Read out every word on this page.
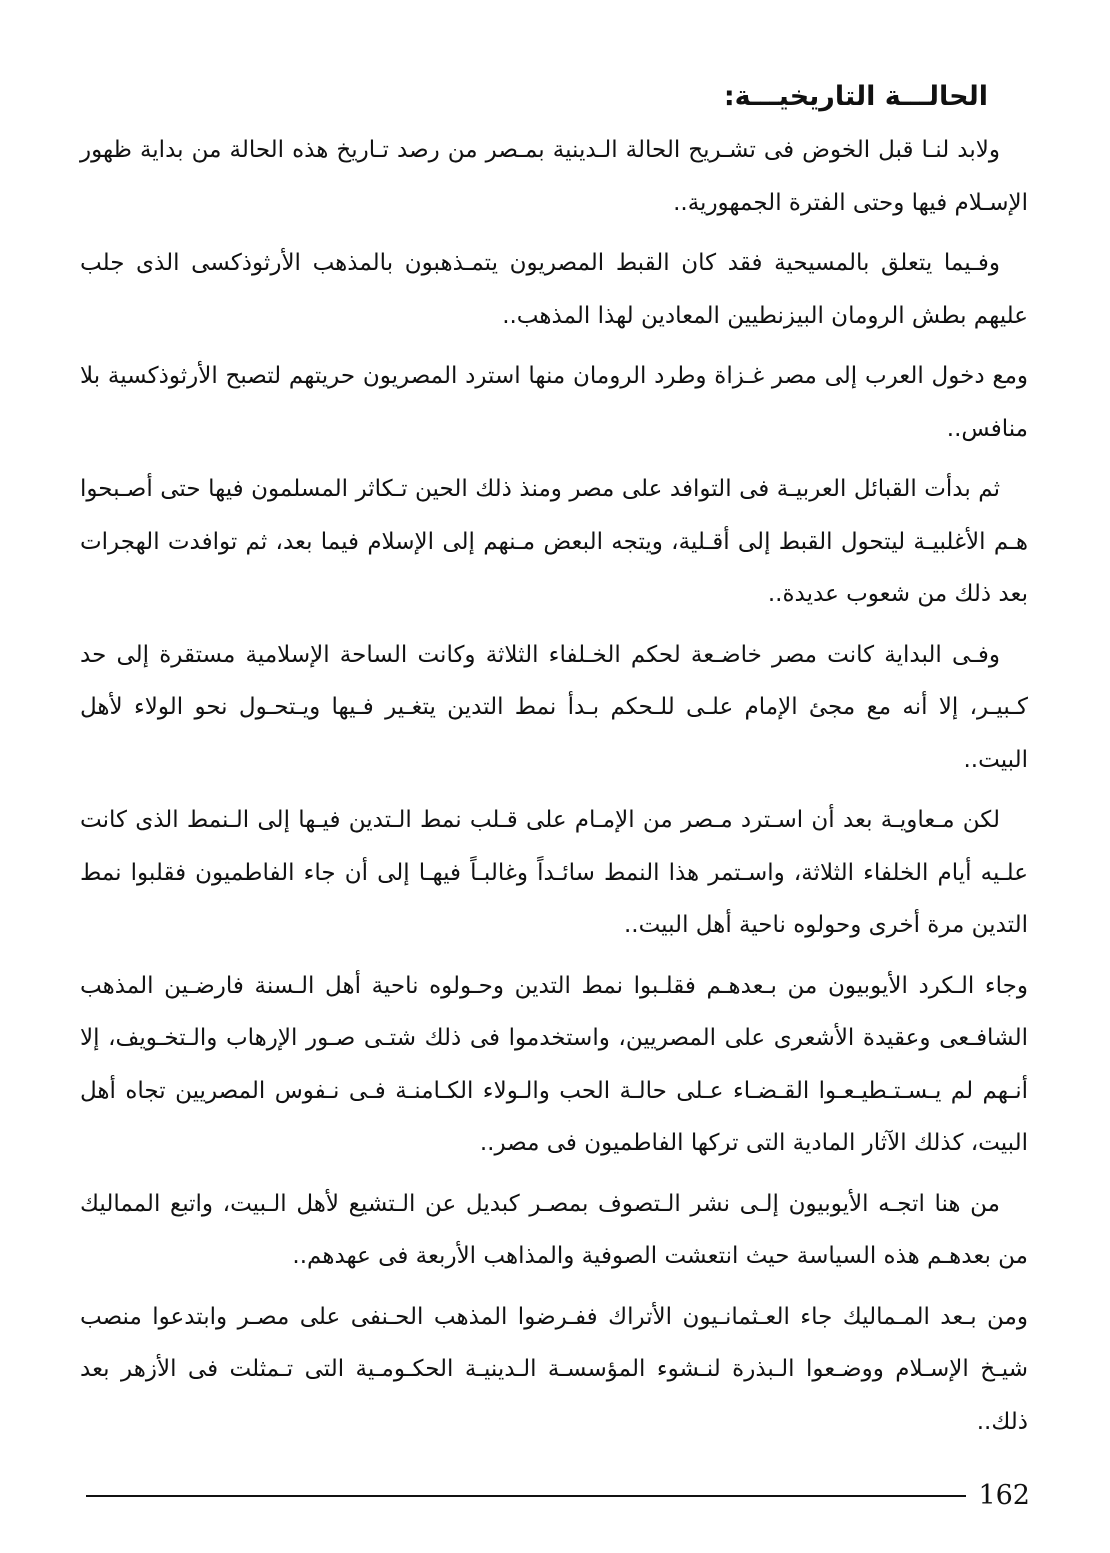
الحالـــة التاريخيـــة:

ولابد لنـا قبل الخوض فى تشـريح الحالة الـدينية بمـصر من رصد تـاريخ هذه الحالة من بداية ظهور الإسـلام فيها وحتى الفترة الجمهورية..

وفـيما يتعلق بالمسيحية فقد كان القبط المصريون يتمـذهبون بالمذهب الأرثوذكسى الذى جلب عليهم بطش الرومان البيزنطيين المعادين لهذا المذهب..

ومع دخول العرب إلى مصر غـزاة وطرد الرومان منها استرد المصريون حريتهم لتصبح الأرثوذكسية بلا منافس..

ثم بدأت القبائل العربيـة فى التوافد على مصر ومنذ ذلك الحين تـكاثر المسلمون فيها حتى أصـبحوا هـم الأغلبيـة ليتحول القبط إلى أقـلية، ويتجه البعض مـنهم إلى الإسلام فيما بعد، ثم توافدت الهجرات بعد ذلك من شعوب عديدة..

وفـى البداية كانت مصر خاضـعة لحكم الخـلفاء الثلاثة وكانت الساحة الإسلامية مستقرة إلى حد كـبيـر، إلا أنه مع مجئ الإمام علـى للـحكم بـدأ نمط التدين يتغـير فـيها ويـتحـول نحو الولاء لأهل البيت..

لكن مـعاويـة بعد أن اسـترد مـصر من الإمـام على قـلب نمط الـتدين فيـها إلى الـنمط الذى كانت علـيه أيام الخلفاء الثلاثة، واسـتمر هذا النمط سائـداً وغالبـاً فيهـا إلى أن جاء الفاطميون فقلبوا نمط التدين مرة أخرى وحولوه ناحية أهل البيت..

وجاء الـكرد الأيوبيون من بـعدهـم فقلـبوا نمط التدين وحـولوه ناحية أهل الـسنة فارضـين المذهب الشافـعى وعقيدة الأشعرى على المصريين، واستخدموا فى ذلك شتـى صـور الإرهاب والـتخـويف، إلا أنـهم لم يـسـتـطيـعـوا القـضـاء عـلى حالـة الحب والـولاء الكـامنـة فـى نـفوس المصريين تجاه أهل البيت، كذلك الآثار المادية التى تركها الفاطميون فى مصر..

من هنا اتجـه الأيوبيون إلـى نشر الـتصوف بمصـر كبديل عن الـتشيع لأهل الـبيت، واتبع المماليك من بعدهـم هذه السياسة حيث انتعشت الصوفية والمذاهب الأربعة فى عهدهم..

ومن بـعد المـماليك جاء العـثمانـيون الأتراك ففـرضوا المذهب الحـنفى على مصـر وابتدعوا منصب شيـخ الإسـلام ووضـعوا الـبذرة لنـشوء المؤسسـة الـدينيـة الحكـومـية التى تـمثلت فى الأزهر بعد ذلك..

162
